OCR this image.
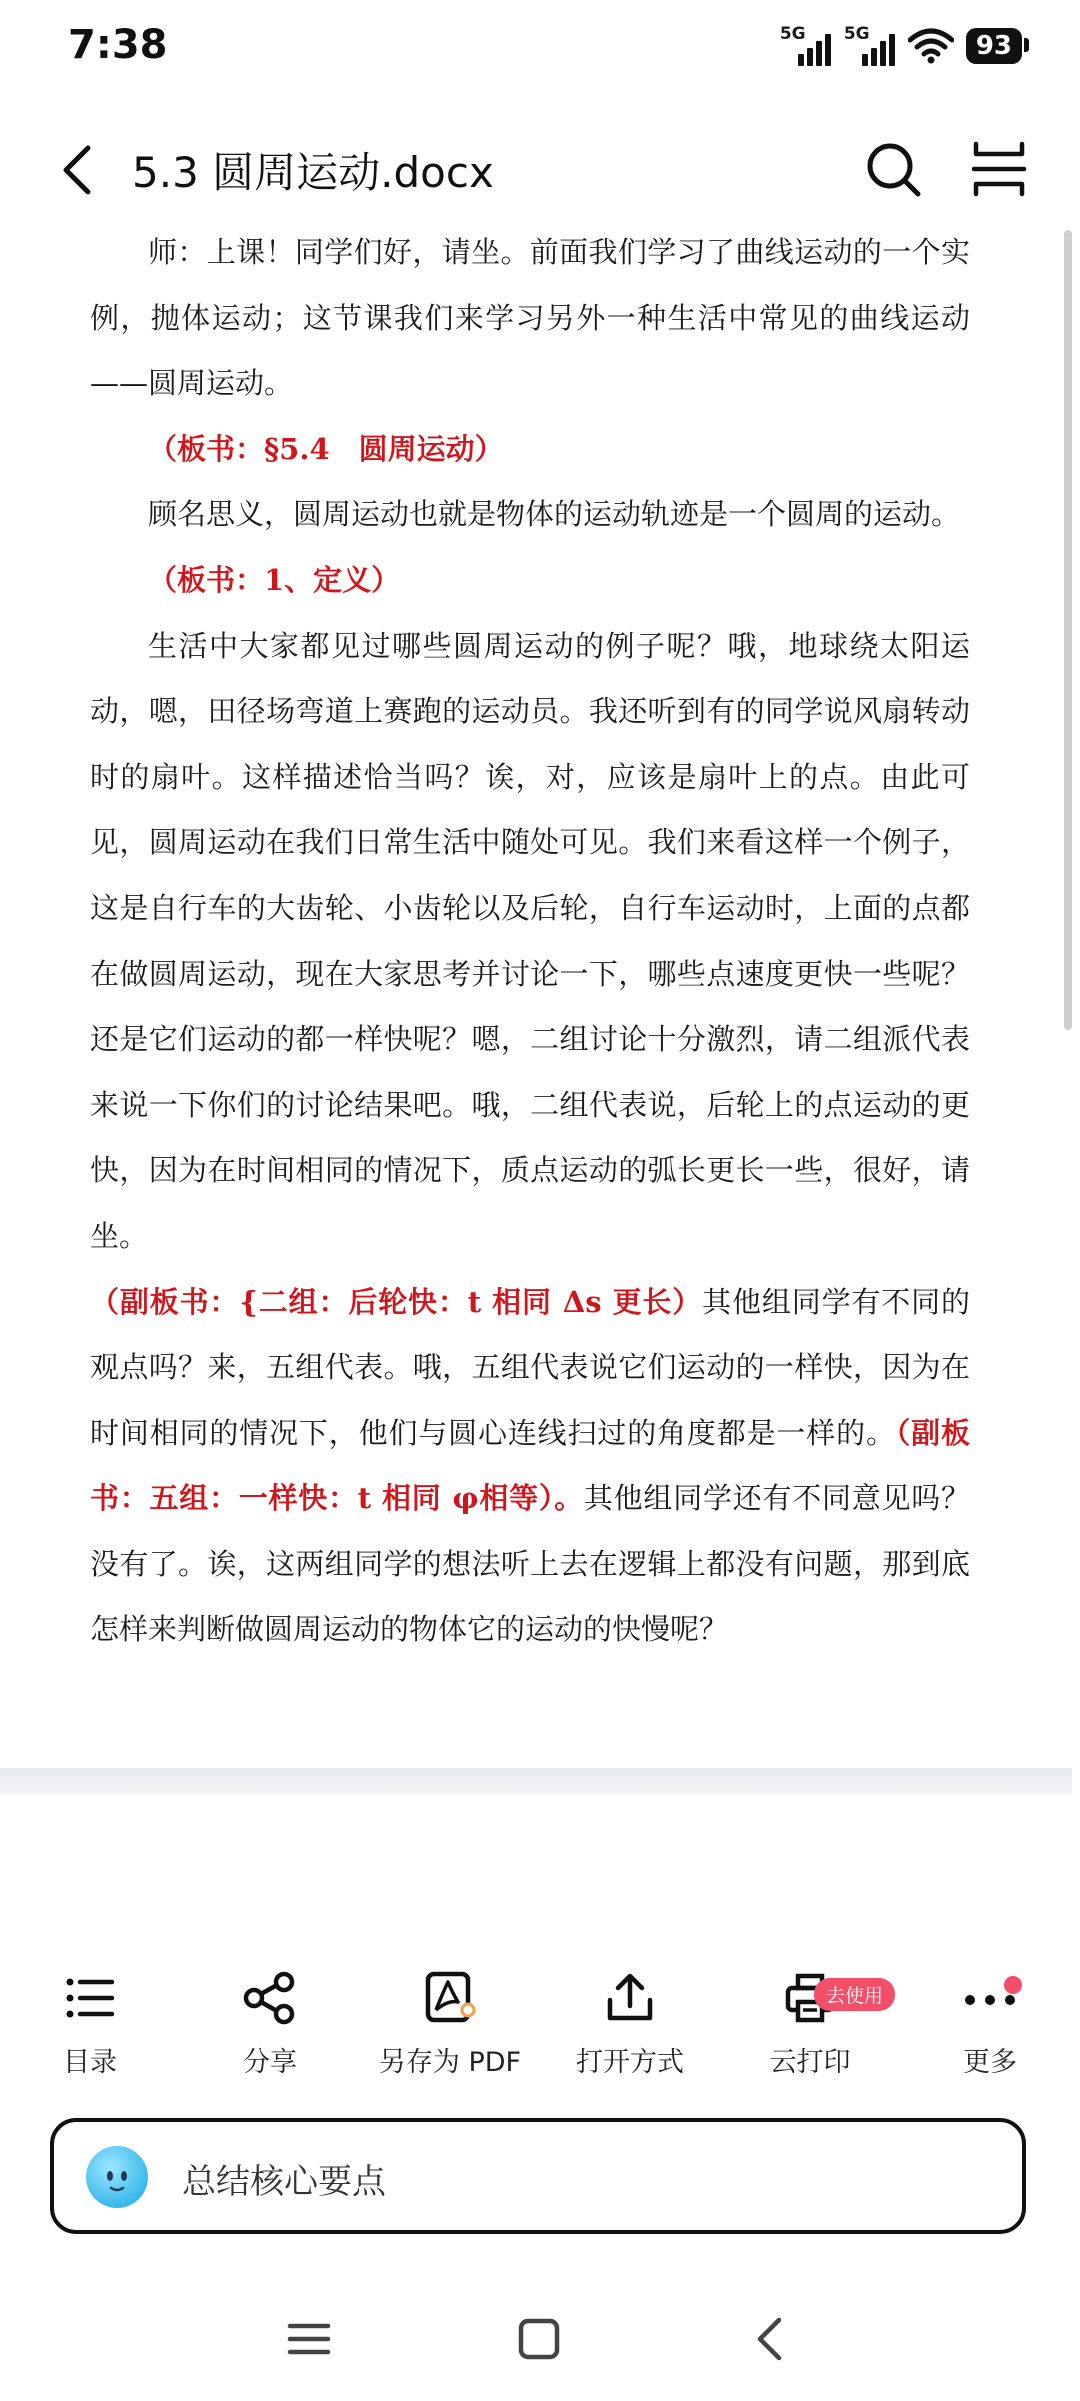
7:38	5G 5G	93
5.3 圆周运动.docx

师：上课！同学们好，请坐。前面我们学习了曲线运动的一个实例，抛体运动；这节课我们来学习另外一种生活中常见的曲线运动——圆周运动。

（板书：§5.4　圆周运动）

顾名思义，圆周运动也就是物体的运动轨迹是一个圆周的运动。

（板书：1、定义）

生活中大家都见过哪些圆周运动的例子呢？哦，地球绕太阳运动，嗯，田径场弯道上赛跑的运动员。我还听到有的同学说风扇转动时的扇叶。这样描述恰当吗？诶，对，应该是扇叶上的点。由此可见，圆周运动在我们日常生活中随处可见。我们来看这样一个例子，这是自行车的大齿轮、小齿轮以及后轮，自行车运动时，上面的点都在做圆周运动，现在大家思考并讨论一下，哪些点速度更快一些呢？还是它们运动的都一样快呢？嗯，二组讨论十分激烈，请二组派代表来说一下你们的讨论结果吧。哦，二组代表说，后轮上的点运动的更快，因为在时间相同的情况下，质点运动的弧长更长一些，很好，请坐。

（副板书：{二组：后轮快：t 相同 Δs 更长）其他组同学有不同的观点吗？来，五组代表。哦，五组代表说它们运动的一样快，因为在时间相同的情况下，他们与圆心连线扫过的角度都是一样的。（副板书：五组：一样快：t 相同 φ相等）。其他组同学还有不同意见吗？没有了。诶，这两组同学的想法听上去在逻辑上都没有问题，那到底怎样来判断做圆周运动的物体它的运动的快慢呢？

目录	分享	另存为 PDF	打开方式	云打印	更多
去使用
总结核心要点
